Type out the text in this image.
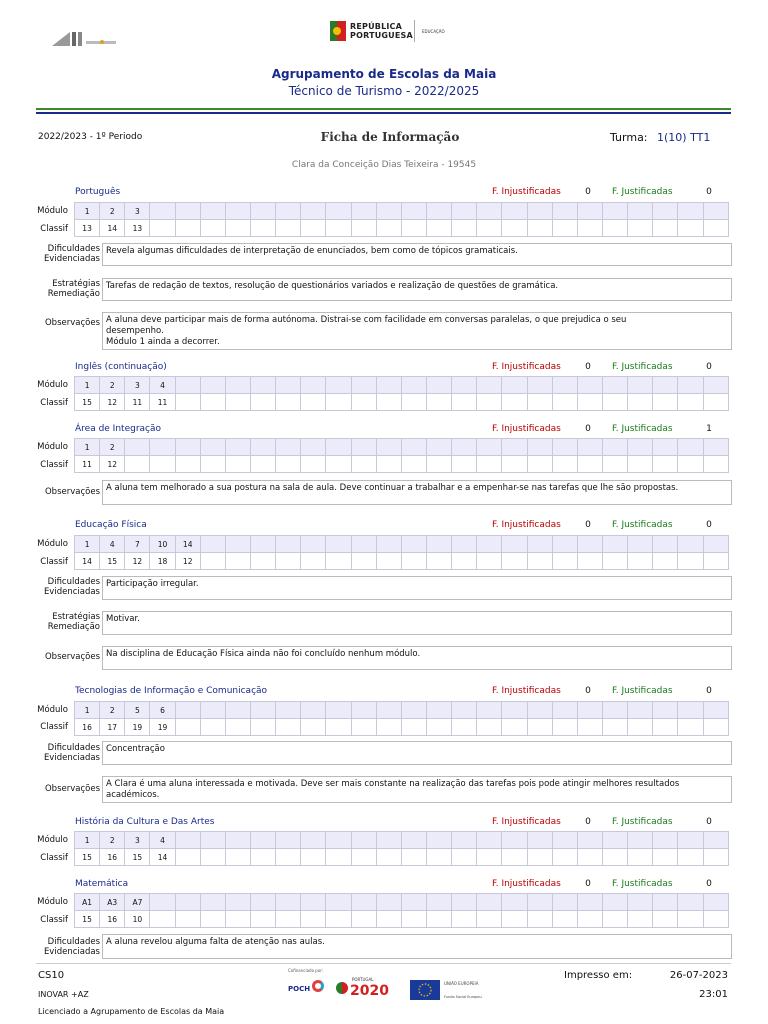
REPÚBLICA
PORTUGUESA EDUCAÇÃO
Agrupamento de Escolas da Maia
Técnico de Turismo - 2022/2025
2022/2023 - 1º Periodo	Ficha de Informação	Turma: 1(10) TT1
Clara da Conceição Dias Teixeira - 19545
Português	F. Injustificadas	0	F. Justificadas	0
Módulo
Classif
1	2	3																							
13	14	13																							
Dificuldades
Evidenciadas
Revela algumas dificuldades de interpretação de enunciados, bem como de tópicos gramaticais.
Estratégias
Remediação
Tarefas de redação de textos, resolução de questionários variados e realização de questões de gramática.
Observações A aluna deve participar mais de forma autónoma. Distrai-se com facilidade em conversas paralelas, o que prejudica o seu
desempenho.
Módulo 1 ainda a decorrer.
Inglês (continuação)	F. Injustificadas	0	F. Justificadas	0
Módulo
Classif
1	2	3	4																						
15	12	11	11																						
Área de Integração	F. Injustificadas	0	F. Justificadas	1
Módulo
Classif
1	2																								
11	12																								
Observações A aluna tem melhorado a sua postura na sala de aula. Deve continuar a trabalhar e a empenhar-se nas tarefas que lhe são propostas.
Educação Física	F. Injustificadas	0	F. Justificadas	0
Módulo
Classif
1	4	7	10	14																					
14	15	12	18	12																					
Dificuldades
Evidenciadas
Participação irregular.
Estratégias
Remediação
Motivar.
Observações Na disciplina de Educação Física ainda não foi concluído nenhum módulo.
Tecnologias de Informação e Comunicação	F. Injustificadas	0	F. Justificadas	0
Módulo
Classif
1	2	5	6																						
16	17	19	19																						
Dificuldades
Evidenciadas
Concentração
Observações A Clara é uma aluna interessada e motivada. Deve ser mais constante na realização das tarefas pois pode atingir melhores resultados
académicos.
História da Cultura e Das Artes	F. Injustificadas	0	F. Justificadas	0
Módulo
Classif
1	2	3	4																						
15	16	15	14																						
Matemática	F. Injustificadas	0	F. Justificadas	0
Módulo
Classif
A1	A3	A7																							
15	16	10																							
Dificuldades
Evidenciadas
A aluna revelou alguma falta de atenção nas aulas.
CS10
INOVAR +AZ
Licenciado a Agrupamento de Escolas da Maia
Cofinanciado por:
POCH
PORTUGAL
2020	UNIÃO EUROPEIA
Fundo Social Europeu
Impresso em:	26-07-2023
23:01
